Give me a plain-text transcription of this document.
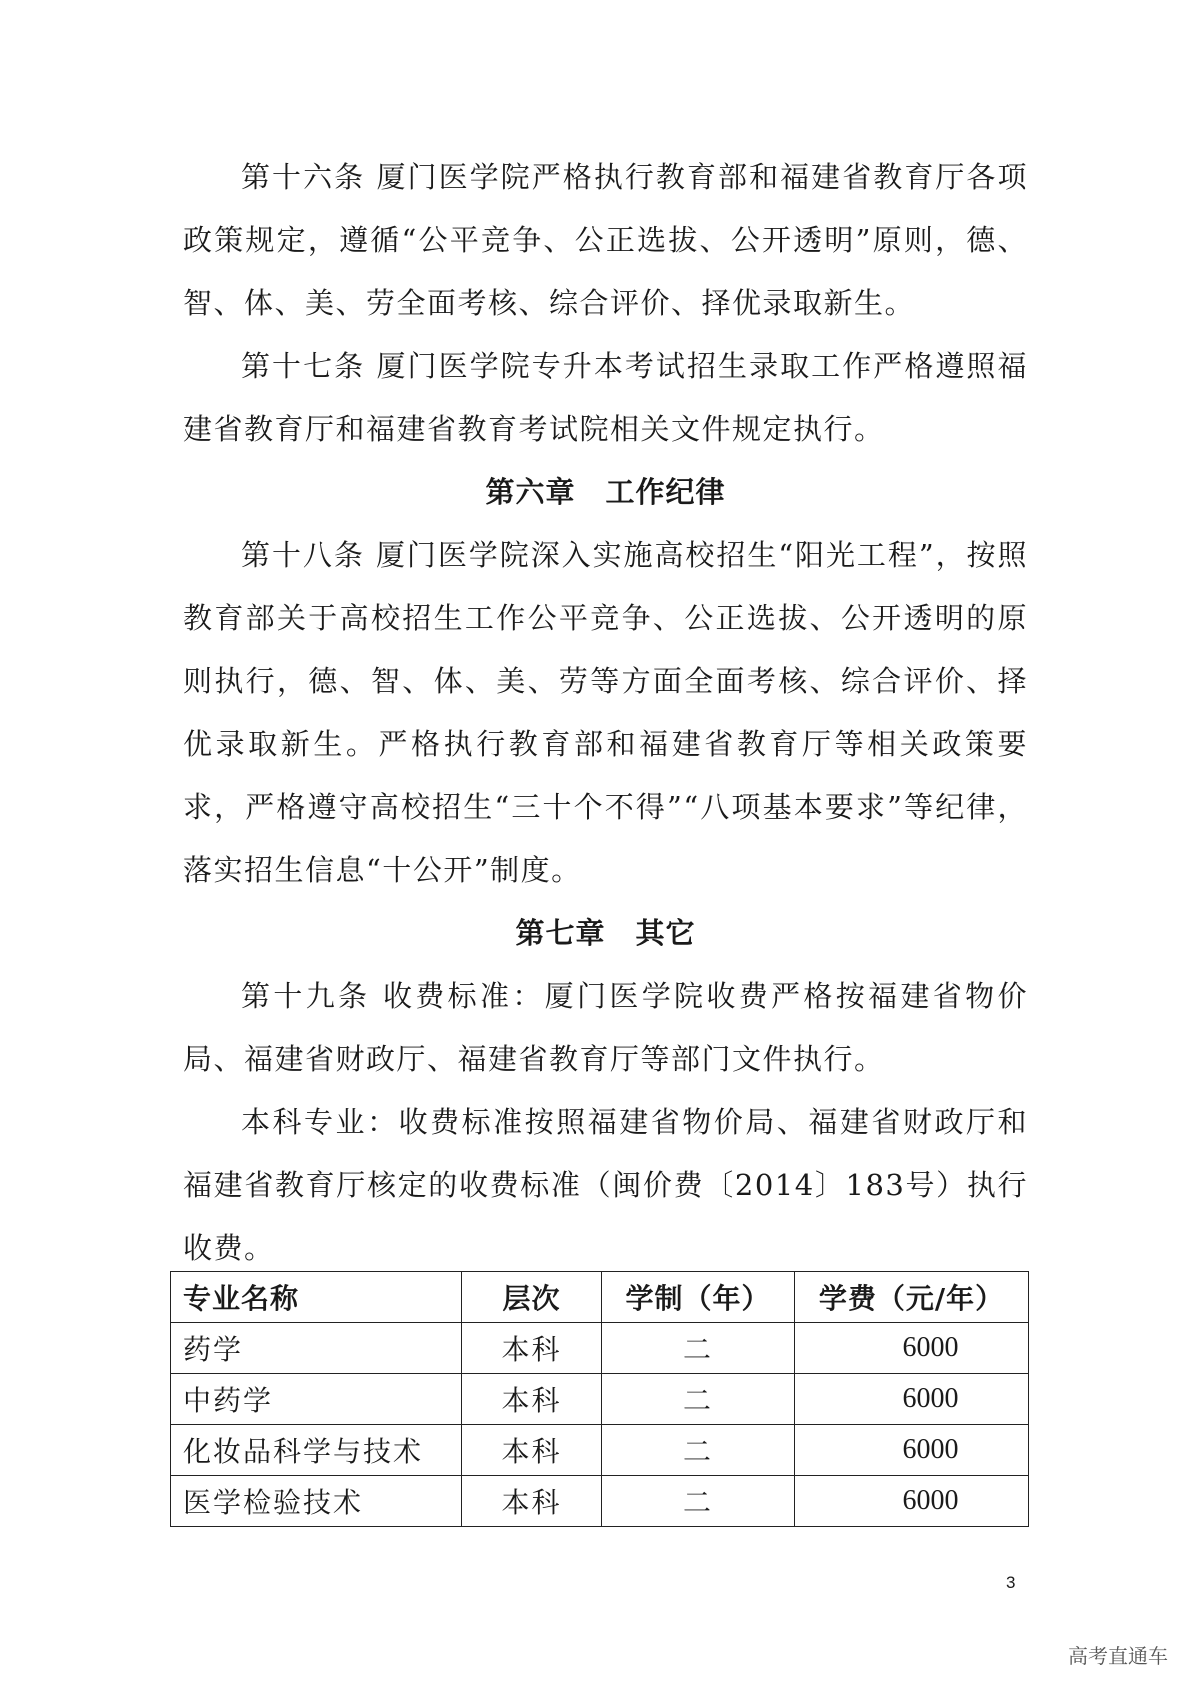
第十六条 厦门医学院严格执行教育部和福建省教育厅各项政策规定，遵循“公平竞争、公正选拔、公开透明”原则，德、智、体、美、劳全面考核、综合评价、择优录取新生。

第十七条 厦门医学院专升本考试招生录取工作严格遵照福建省教育厅和福建省教育考试院相关文件规定执行。

第六章 工作纪律

第十八条 厦门医学院深入实施高校招生“阳光工程”，按照教育部关于高校招生工作公平竞争、公正选拔、公开透明的原则执行，德、智、体、美、劳等方面全面考核、综合评价、择优录取新生。严格执行教育部和福建省教育厅等相关政策要求，严格遵守高校招生“三十个不得”“八项基本要求”等纪律，落实招生信息“十公开”制度。

第七章 其它

第十九条 收费标准：厦门医学院收费严格按福建省物价局、福建省财政厅、福建省教育厅等部门文件执行。

本科专业：收费标准按照福建省物价局、福建省财政厅和福建省教育厅核定的收费标准（闽价费〔2014〕183号）执行收费。

专业名称	层次	学制（年）	学费（元/年）
药学	本科	二	6000
中药学	本科	二	6000
化妆品科学与技术	本科	二	6000
医学检验技术	本科	二	6000
3
高考直通车
